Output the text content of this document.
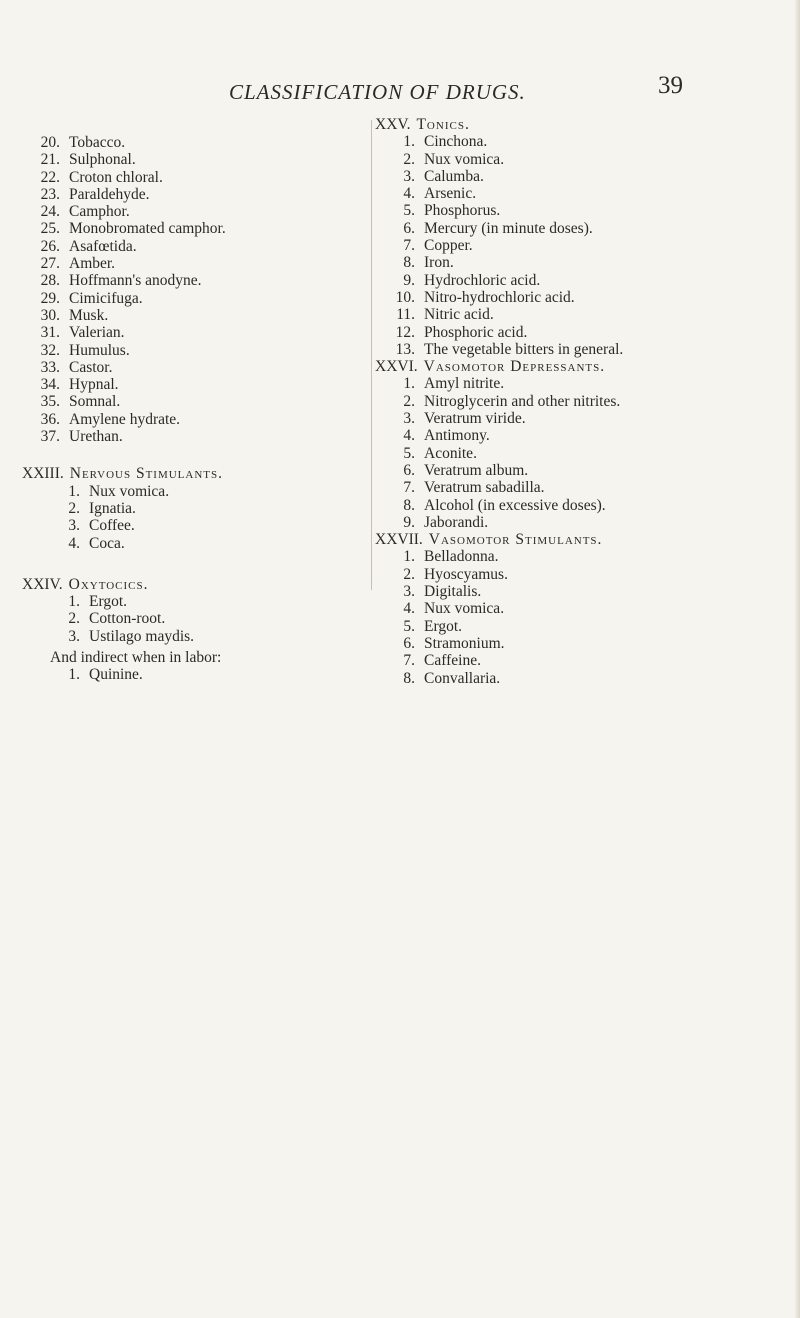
CLASSIFICATION OF DRUGS.	39
20. Tobacco.
21. Sulphonal.
22. Croton chloral.
23. Paraldehyde.
24. Camphor.
25. Monobromated camphor.
26. Asafœtida.
27. Amber.
28. Hoffmann's anodyne.
29. Cimicifuga.
30. Musk.
31. Valerian.
32. Humulus.
33. Castor.
34. Hypnal.
35. Somnal.
36. Amylene hydrate.
37. Urethan.
XXIII. Nervous Stimulants.
1. Nux vomica.
2. Ignatia.
3. Coffee.
4. Coca.
XXIV. Oxytocics.
1. Ergot.
2. Cotton-root.
3. Ustilago maydis.
And indirect when in labor:
1. Quinine.
XXV. Tonics.
1. Cinchona.
2. Nux vomica.
3. Calumba.
4. Arsenic.
5. Phosphorus.
6. Mercury (in minute doses).
7. Copper.
8. Iron.
9. Hydrochloric acid.
10. Nitro-hydrochloric acid.
11. Nitric acid.
12. Phosphoric acid.
13. The vegetable bitters in general.
XXVI. Vasomotor Depressants.
1. Amyl nitrite.
2. Nitroglycerin and other nitrites.
3. Veratrum viride.
4. Antimony.
5. Aconite.
6. Veratrum album.
7. Veratrum sabadilla.
8. Alcohol (in excessive doses).
9. Jaborandi.
XXVII. Vasomotor Stimulants.
1. Belladonna.
2. Hyoscyamus.
3. Digitalis.
4. Nux vomica.
5. Ergot.
6. Stramonium.
7. Caffeine.
8. Convallaria.
